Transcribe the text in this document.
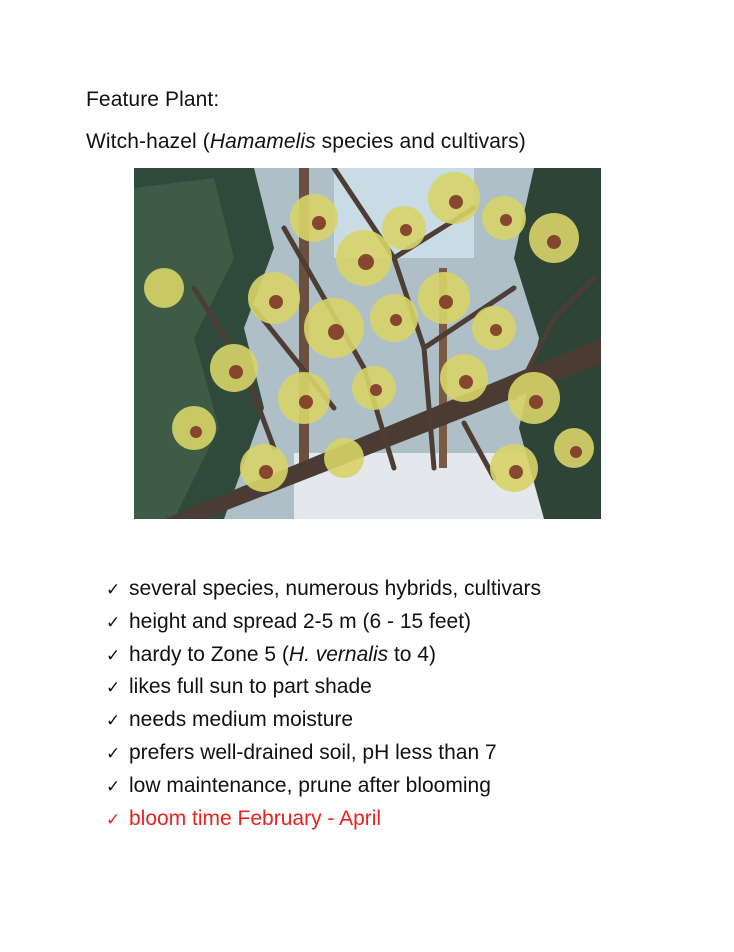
Feature Plant:
Witch-hazel (Hamamelis species and cultivars)
✓ several species, numerous hybrids, cultivars
✓ height and spread 2-5 m (6 - 15 feet)
✓ hardy to Zone 5 (H. vernalis to 4)
✓ likes full sun to part shade
✓ needs medium moisture
✓ prefers well-drained soil, pH less than 7
✓ low maintenance, prune after blooming
✓ bloom time February - April
